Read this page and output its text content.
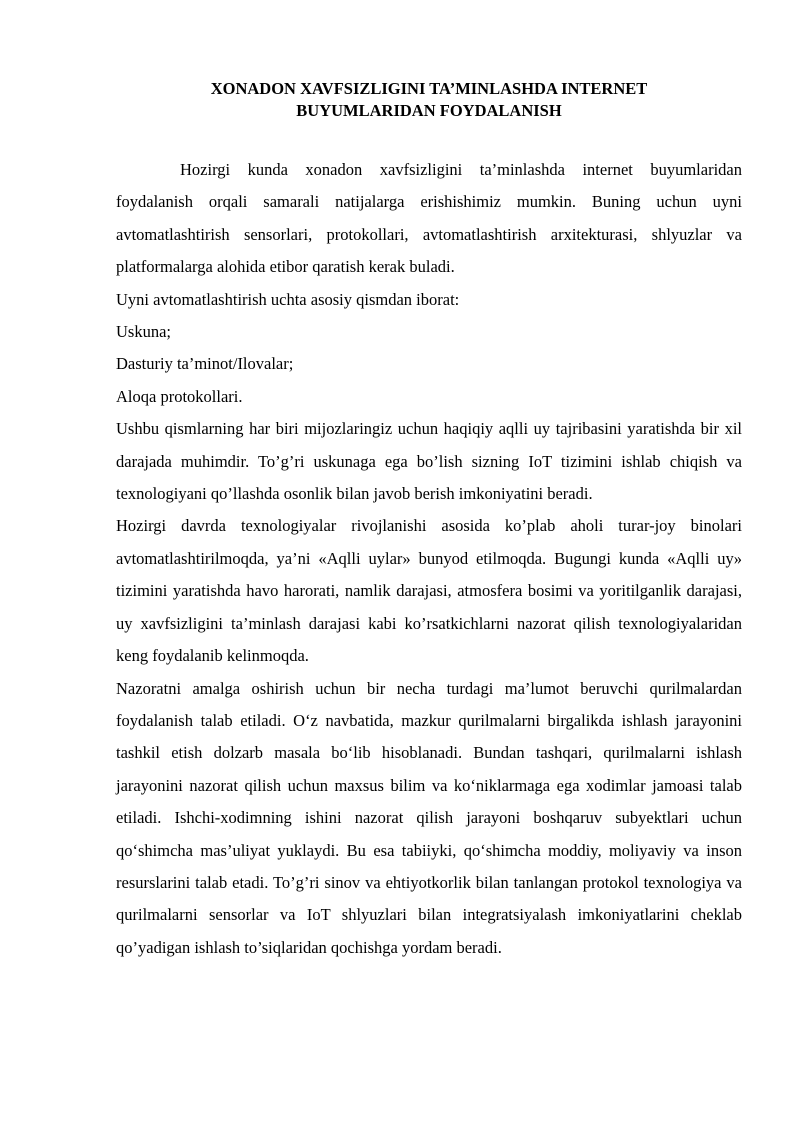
XONADON XAVFSIZLIGINI TA’MINLASHDA INTERNET
BUYUMLARIDAN FOYDALANISH

Hozirgi kunda xonadon xavfsizligini ta’minlashda internet buyumlaridan foydalanish orqali samarali natijalarga erishishimiz mumkin. Buning uchun uyni avtomatlashtirish sensorlari, protokollari, avtomatlashtirish arxitekturasi, shlyuzlar va platformalarga alohida etibor qaratish kerak buladi.

Uyni avtomatlashtirish uchta asosiy qismdan iborat:

Uskuna;

Dasturiy ta’minot/Ilovalar;

Aloqa protokollari.

Ushbu qismlarning har biri mijozlaringiz uchun haqiqiy aqlli uy tajribasini yaratishda bir xil darajada muhimdir. To’g’ri uskunaga ega bo’lish sizning IoT tizimini ishlab chiqish va texnologiyani qo’llashda osonlik bilan javob berish imkoniyatini beradi.

Hozirgi davrda texnologiyalar rivojlanishi asosida ko’plab aholi turar-joy binolari avtomatlashtirilmoqda, ya’ni «Aqlli uylar» bunyod etilmoqda. Bugungi kunda «Aqlli uy» tizimini yaratishda havo harorati, namlik darajasi, atmosfera bosimi va yoritilganlik darajasi, uy xavfsizligini ta’minlash darajasi kabi ko’rsatkichlarni nazorat qilish texnologiyalaridan keng foydalanib kelinmoqda.

Nazoratni amalga oshirish uchun bir necha turdagi ma’lumot beruvchi qurilmalardan foydalanish talab etiladi. O‘z navbatida, mazkur qurilmalarni birgalikda ishlash jarayonini tashkil etish dolzarb masala bo‘lib hisoblanadi. Bundan tashqari, qurilmalarni ishlash jarayonini nazorat qilish uchun maxsus bilim va ko‘niklarmaga ega xodimlar jamoasi talab etiladi. Ishchi-xodimning ishini nazorat qilish jarayoni boshqaruv subyektlari uchun qo‘shimcha mas’uliyat yuklaydi. Bu esa tabiiyki, qo‘shimcha moddiy, moliyaviy va inson resurslarini talab etadi. To’g’ri sinov va ehtiyotkorlik bilan tanlangan protokol texnologiya va qurilmalarni sensorlar va IoT shlyuzlari bilan integratsiyalash imkoniyatlarini cheklab qo’yadigan ishlash to’siqlaridan qochishga yordam beradi.
